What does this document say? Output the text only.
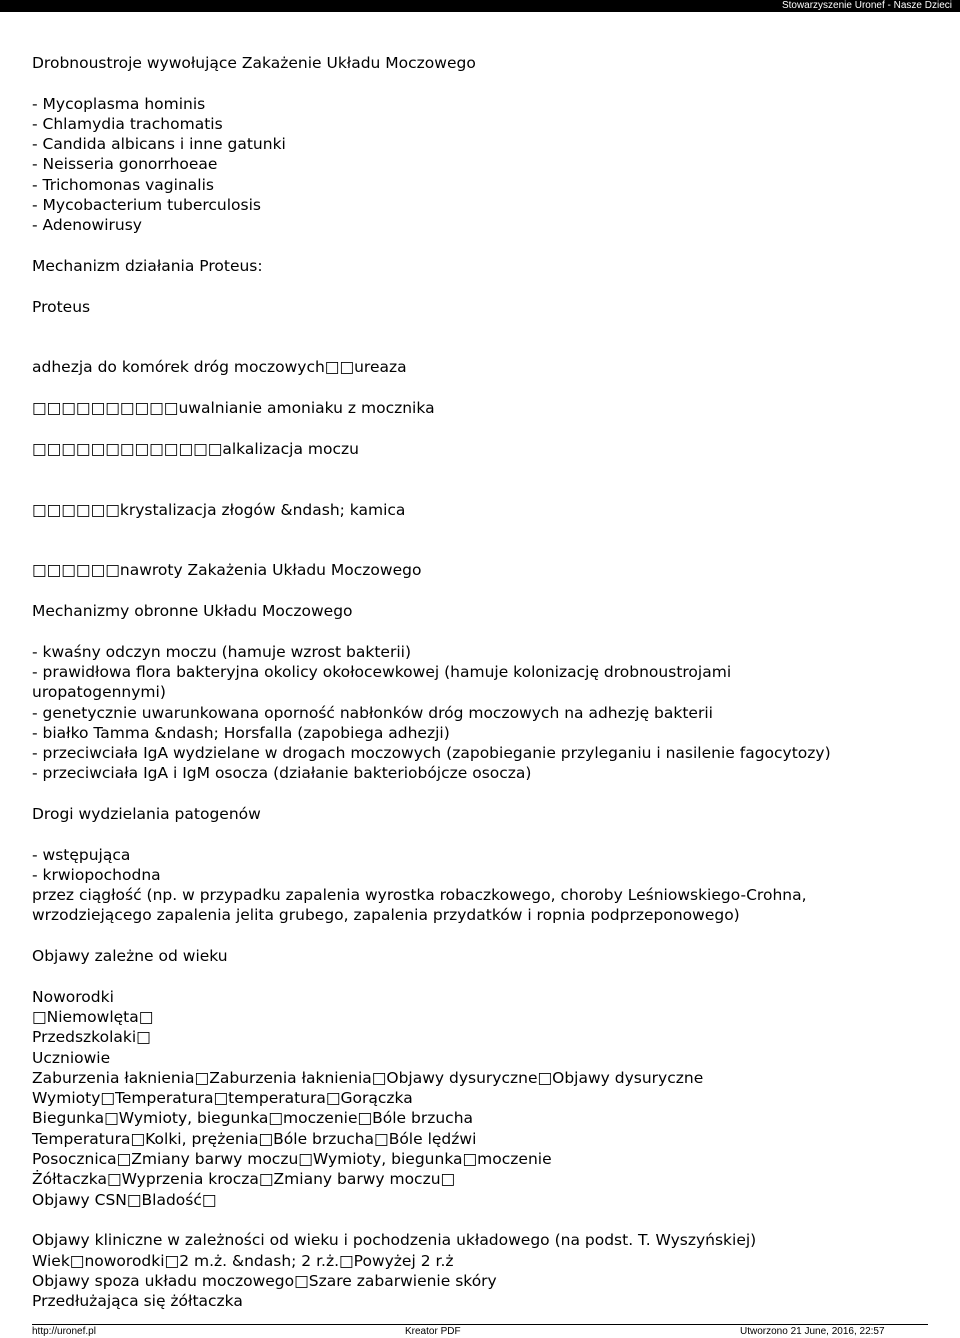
Stowarzyszenie Uronef - Nasze Dzieci
Drobnoustroje wywołujące Zakażenie Układu Moczowego
- Mycoplasma hominis
- Chlamydia trachomatis
- Candida albicans i inne gatunki
- Neisseria gonorrhoeae
- Trichomonas vaginalis
- Mycobacterium tuberculosis
- Adenowirusy
Mechanizm działania Proteus:
Proteus
adhezja do komórek dróg moczowych□□ureaza
□□□□□□□□□□uwalnianie amoniaku z mocznika
□□□□□□□□□□□□□alkalizacja moczu
□□□□□□krystalizacja złogów &ndash; kamica
□□□□□□nawroty Zakażenia Układu Moczowego
Mechanizmy obronne Układu Moczowego
- kwaśny odczyn moczu (hamuje wzrost bakterii)
- prawidłowa flora bakteryjna okolicy okołocewkowej (hamuje kolonizację drobnoustrojami
uropatogennymi)
- genetycznie uwarunkowana oporność nabłonków dróg moczowych na adhezję bakterii
- białko Tamma &ndash; Horsfalla (zapobiega adhezji)
- przeciwciała IgA wydzielane w drogach moczowych (zapobieganie przyleganiu i nasilenie fagocytozy)
- przeciwciała IgA i IgM osocza (działanie bakteriobójcze osocza)
Drogi wydzielania patogenów
- wstępująca
- krwiopochodna
przez ciągłość (np. w przypadku zapalenia wyrostka robaczkowego, choroby Leśniowskiego-Crohna,
wrzodziejącego zapalenia jelita grubego, zapalenia przydatków i ropnia podprzeponowego)
Objawy zależne od wieku
Noworodki
□Niemowlęta□
Przedszkolaki□
Uczniowie
Zaburzenia łaknienia□Zaburzenia łaknienia□Objawy dysuryczne□Objawy dysuryczne
Wymioty□Temperatura□temperatura□Gorączka
Biegunka□Wymioty, biegunka□moczenie□Bóle brzucha
Temperatura□Kolki, prężenia□Bóle brzucha□Bóle lędźwi
Posocznica□Zmiany barwy moczu□Wymioty, biegunka□moczenie
Żółtaczka□Wyprzenia krocza□Zmiany barwy moczu□
Objawy CSN□Bladość□
Objawy kliniczne w zależności od wieku i pochodzenia układowego (na podst. T. Wyszyńskiej)
Wiek□noworodki□2 m.ż. &ndash; 2 r.ż.□Powyżej 2 r.ż
Objawy spoza układu moczowego□Szare zabarwienie skóry
Przedłużająca się żółtaczka
http://uronef.pl	Kreator PDF	Utworzono 21 June, 2016, 22:57
